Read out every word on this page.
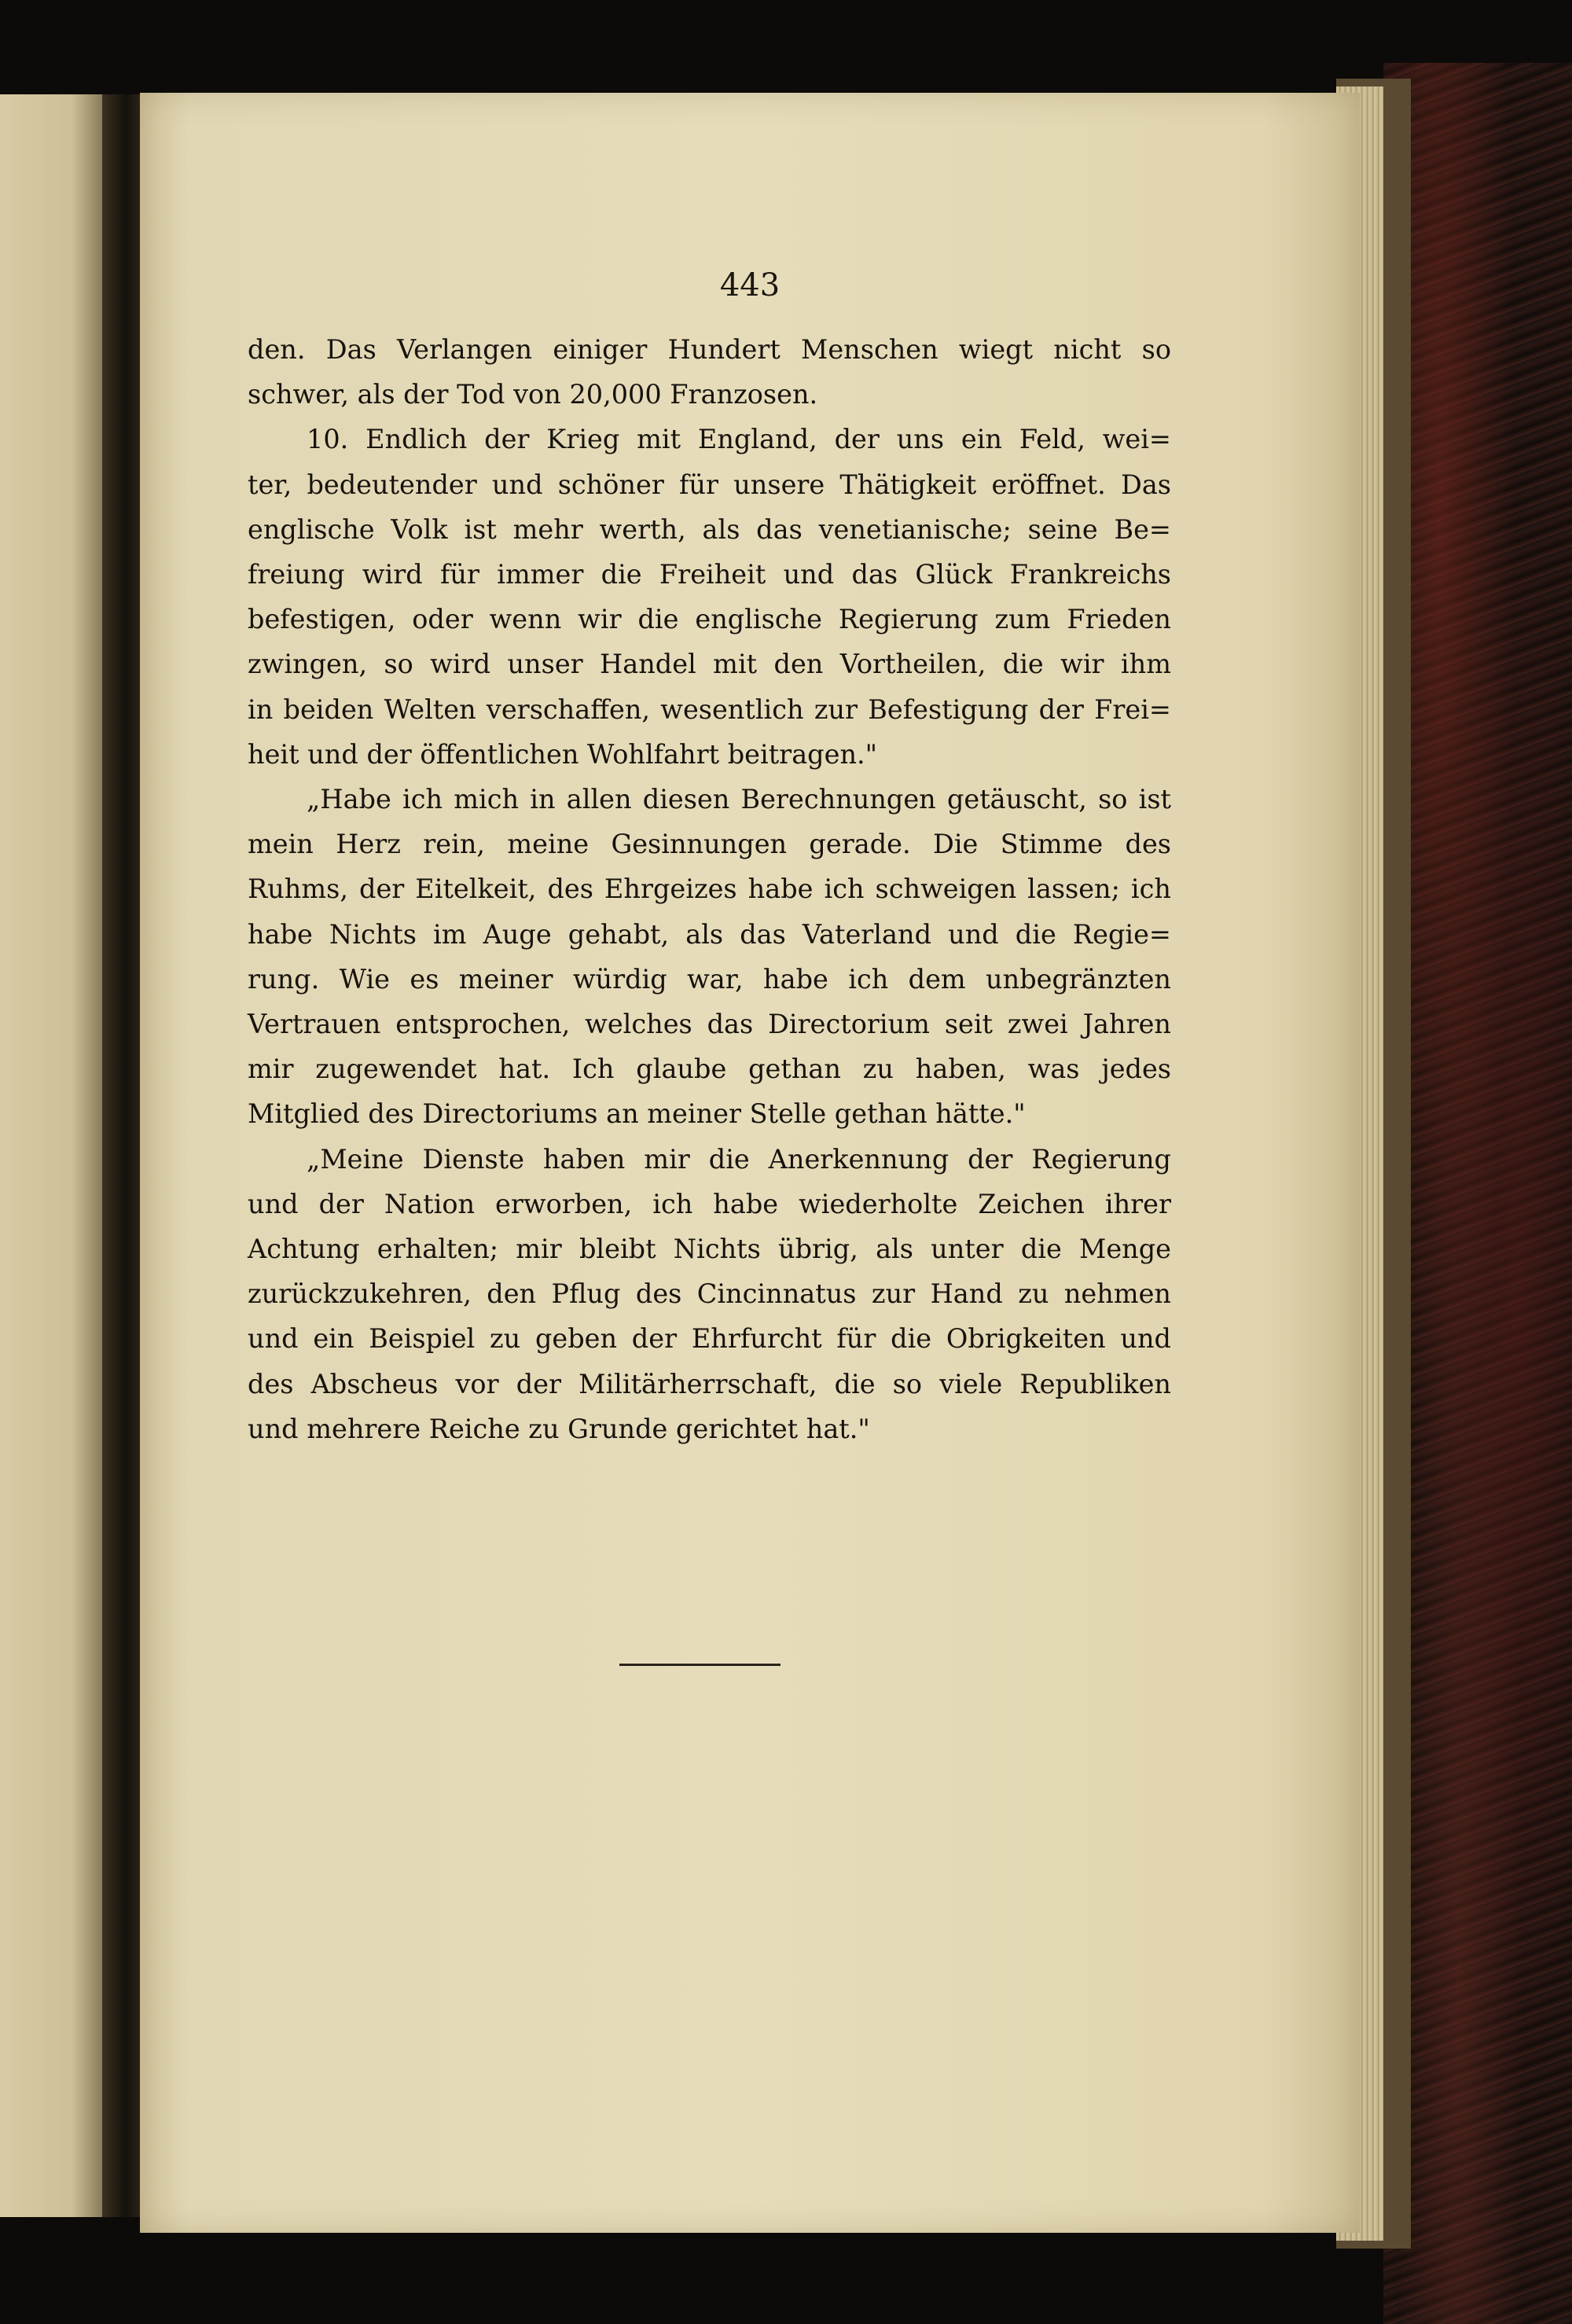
443
den. Das Verlangen einiger Hundert Menschen wiegt nicht so
schwer, als der Tod von 20,000 Franzosen.
10. Endlich der Krieg mit England, der uns ein Feld, wei=
ter, bedeutender und schöner für unsere Thätigkeit eröffnet. Das
englische Volk ist mehr werth, als das venetianische; seine Be=
freiung wird für immer die Freiheit und das Glück Frankreichs
befestigen, oder wenn wir die englische Regierung zum Frieden
zwingen, so wird unser Handel mit den Vortheilen, die wir ihm
in beiden Welten verschaffen, wesentlich zur Befestigung der Frei=
heit und der öffentlichen Wohlfahrt beitragen."
„Habe ich mich in allen diesen Berechnungen getäuscht, so ist
mein Herz rein, meine Gesinnungen gerade. Die Stimme des
Ruhms, der Eitelkeit, des Ehrgeizes habe ich schweigen lassen; ich
habe Nichts im Auge gehabt, als das Vaterland und die Regie=
rung. Wie es meiner würdig war, habe ich dem unbegränzten
Vertrauen entsprochen, welches das Directorium seit zwei Jahren
mir zugewendet hat. Ich glaube gethan zu haben, was jedes
Mitglied des Directoriums an meiner Stelle gethan hätte."
„Meine Dienste haben mir die Anerkennung der Regierung
und der Nation erworben, ich habe wiederholte Zeichen ihrer
Achtung erhalten; mir bleibt Nichts übrig, als unter die Menge
zurückzukehren, den Pflug des Cincinnatus zur Hand zu nehmen
und ein Beispiel zu geben der Ehrfurcht für die Obrigkeiten und
des Abscheus vor der Militärherrschaft, die so viele Republiken
und mehrere Reiche zu Grunde gerichtet hat."
